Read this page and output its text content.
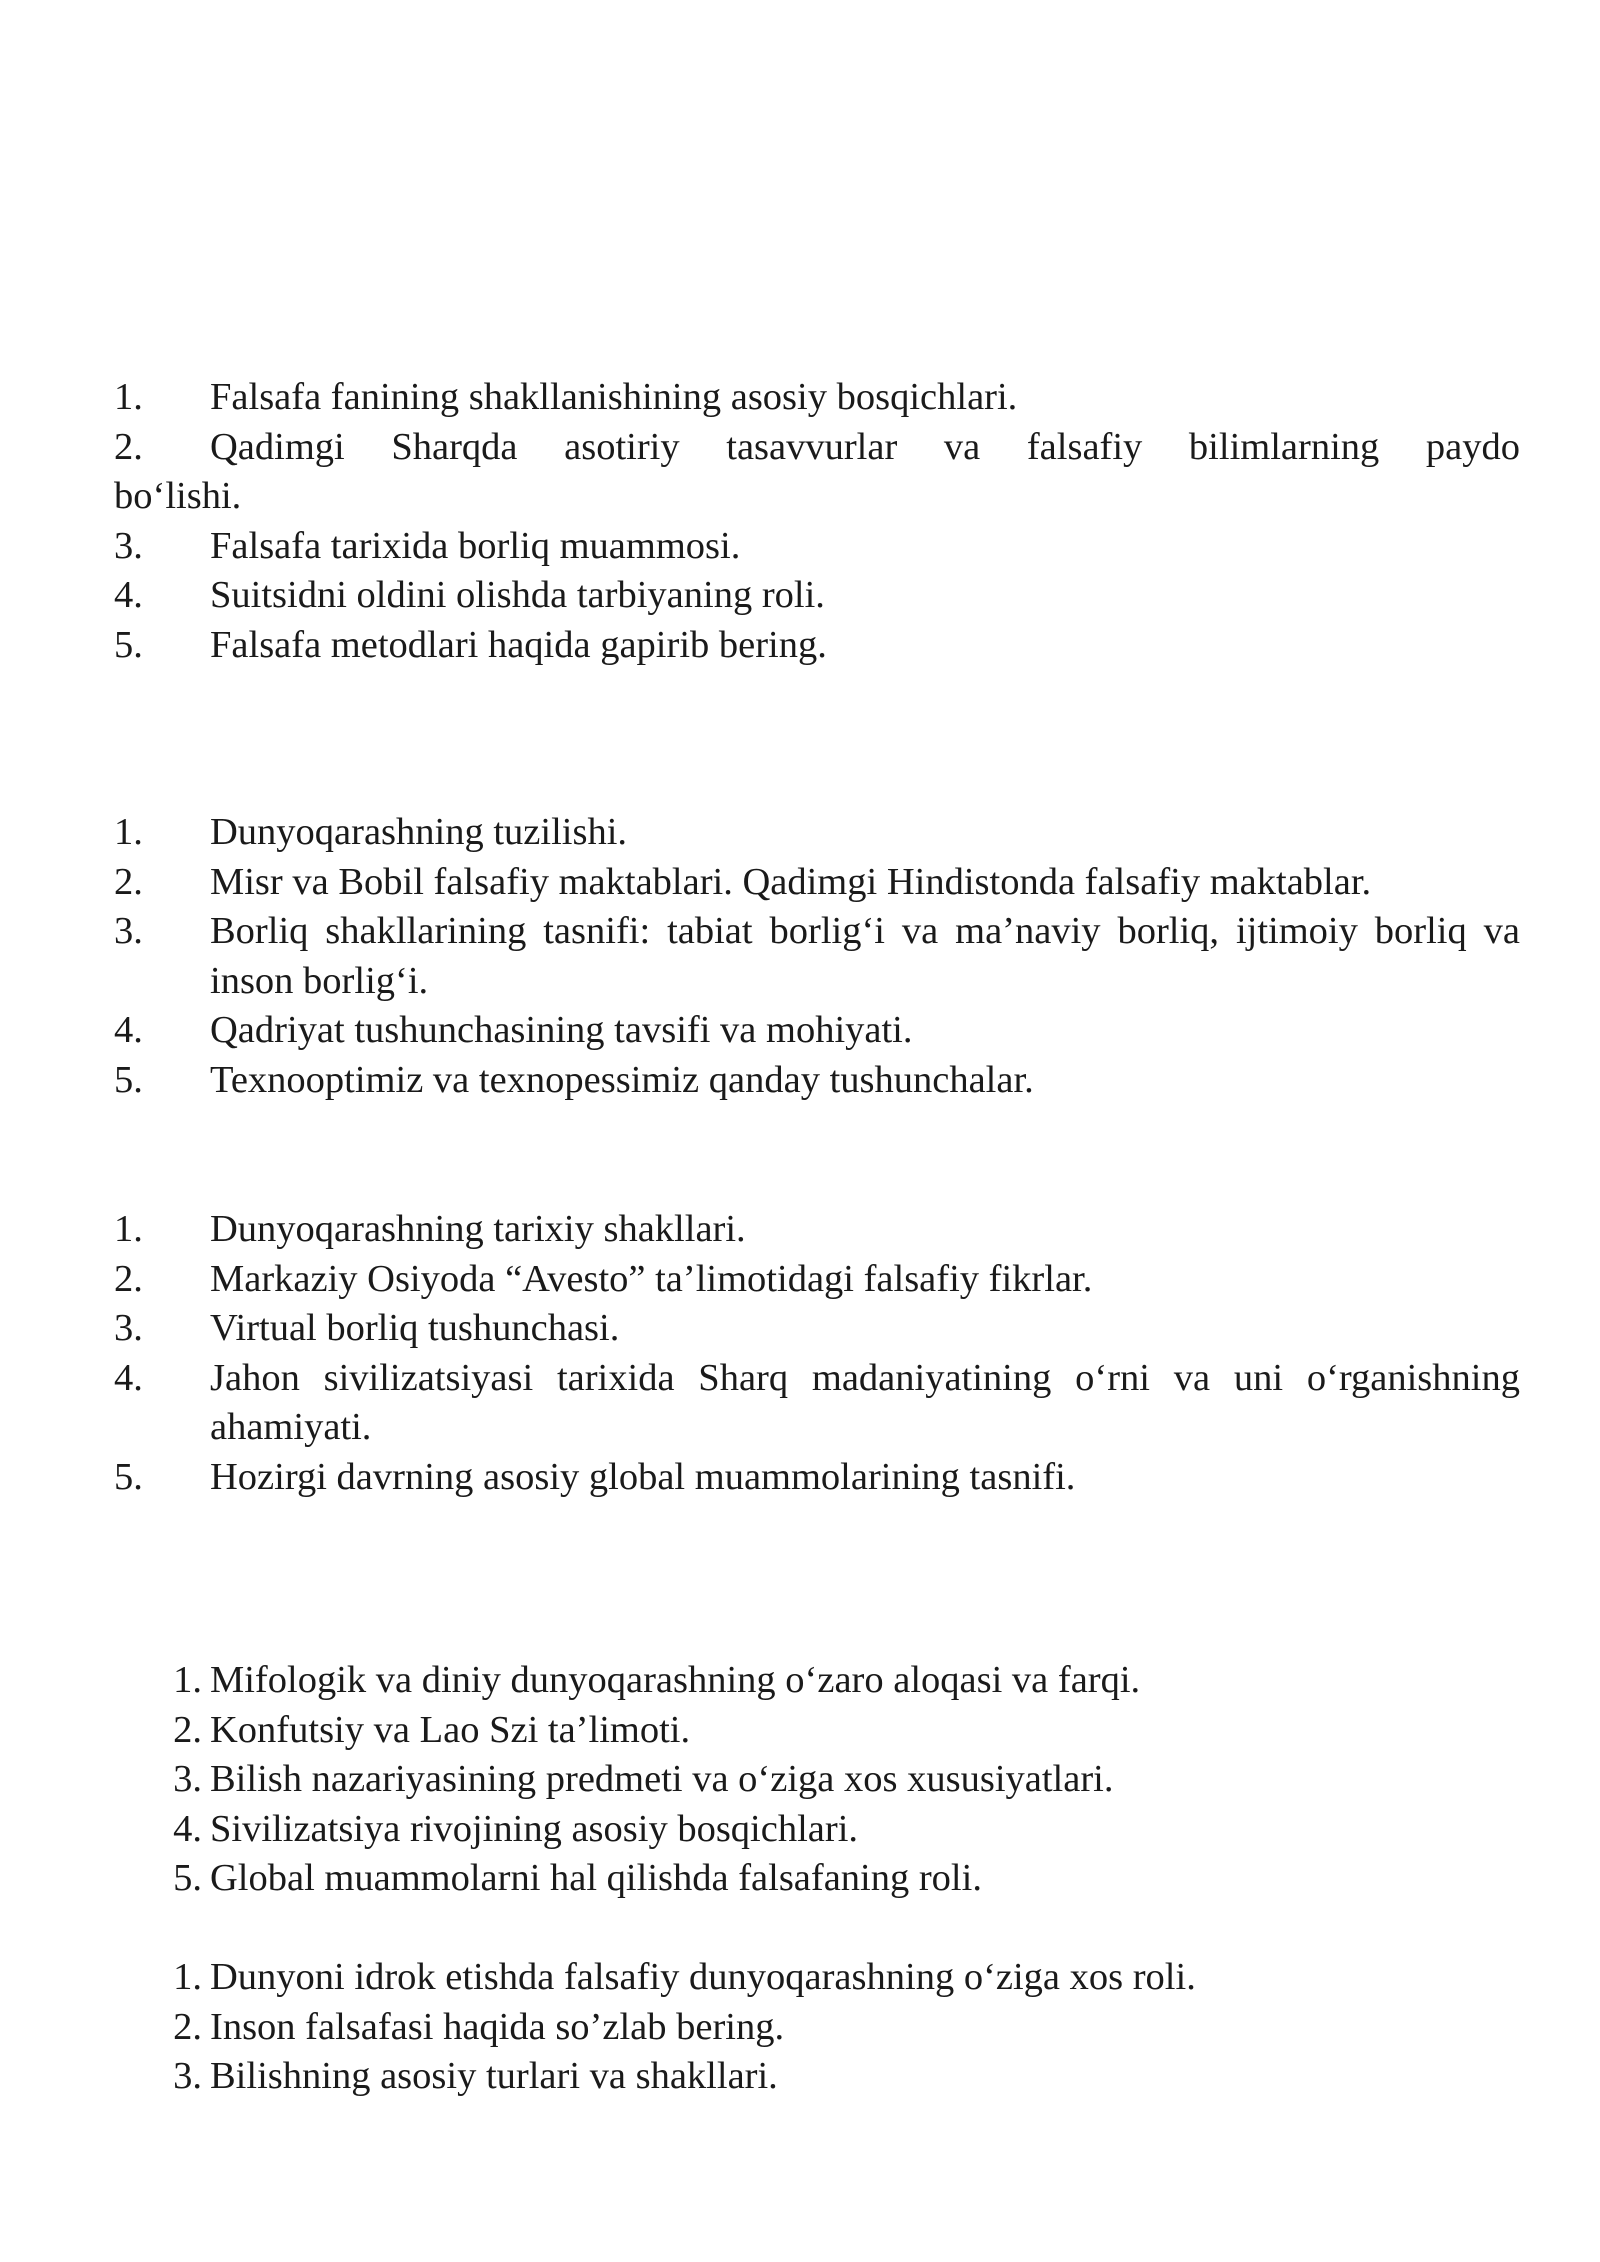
1. Falsafa fanining shakllanishining asosiy bosqichlari.
2. Qadimgi Sharqda asotiriy tasavvurlar va falsafiy bilimlarning paydo
bo‘lishi.
3. Falsafa tarixida borliq muammosi.
4. Suitsidni oldini olishda tarbiyaning roli.
5. Falsafa metodlari haqida gapirib bering.
1.	Dunyoqarashning tuzilishi.
2.	Misr va Bobil falsafiy maktablari. Qadimgi Hindistonda falsafiy maktablar.
3.	Borliq shakllarining tasnifi: tabiat borlig‘i va ma’naviy borliq, ijtimoiy borliq va inson borlig‘i.
4.	Qadriyat tushunchasining tavsifi va mohiyati.
5.	Texnooptimiz va texnopessimiz qanday tushunchalar.
1.	Dunyoqarashning tarixiy shakllari.
2.	Markaziy Osiyoda “Avesto” ta’limotidagi falsafiy fikrlar.
3.	Virtual borliq tushunchasi.
4.	Jahon sivilizatsiyasi tarixida Sharq madaniyatining o‘rni va uni o‘rganishning ahamiyati.
5.	Hozirgi davrning asosiy global muammolarining tasnifi.
1. Mifologik va diniy dunyoqarashning o‘zaro aloqasi va farqi.
2. Konfutsiy va Lao Szi ta’limoti.
3. Bilish nazariyasining predmeti va o‘ziga xos xususiyatlari.
4. Sivilizatsiya rivojining asosiy bosqichlari.
5. Global muammolarni hal qilishda falsafaning roli.
1. Dunyoni idrok etishda falsafiy dunyoqarashning o‘ziga xos roli.
2. Inson falsafasi haqida so’zlab bering.
3. Bilishning asosiy turlari va shakllari.
